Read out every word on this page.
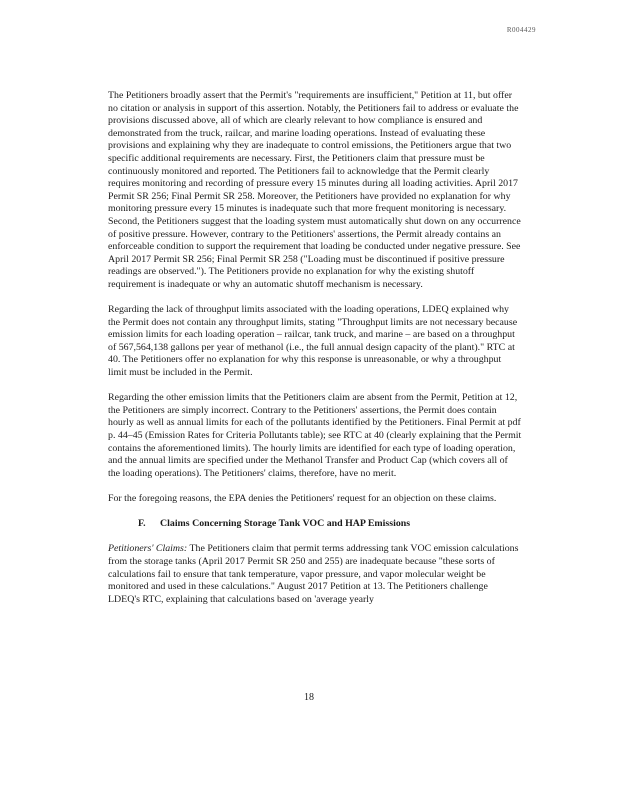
R004429

The Petitioners broadly assert that the Permit's "requirements are insufficient," Petition at 11, but offer no citation or analysis in support of this assertion. Notably, the Petitioners fail to address or evaluate the provisions discussed above, all of which are clearly relevant to how compliance is ensured and demonstrated from the truck, railcar, and marine loading operations. Instead of evaluating these provisions and explaining why they are inadequate to control emissions, the Petitioners argue that two specific additional requirements are necessary. First, the Petitioners claim that pressure must be continuously monitored and reported. The Petitioners fail to acknowledge that the Permit clearly requires monitoring and recording of pressure every 15 minutes during all loading activities. April 2017 Permit SR 256; Final Permit SR 258. Moreover, the Petitioners have provided no explanation for why monitoring pressure every 15 minutes is inadequate such that more frequent monitoring is necessary. Second, the Petitioners suggest that the loading system must automatically shut down on any occurrence of positive pressure. However, contrary to the Petitioners' assertions, the Permit already contains an enforceable condition to support the requirement that loading be conducted under negative pressure. See April 2017 Permit SR 256; Final Permit SR 258 ("Loading must be discontinued if positive pressure readings are observed."). The Petitioners provide no explanation for why the existing shutoff requirement is inadequate or why an automatic shutoff mechanism is necessary.

Regarding the lack of throughput limits associated with the loading operations, LDEQ explained why the Permit does not contain any throughput limits, stating "Throughput limits are not necessary because emission limits for each loading operation – railcar, tank truck, and marine – are based on a throughput of 567,564,138 gallons per year of methanol (i.e., the full annual design capacity of the plant)." RTC at 40. The Petitioners offer no explanation for why this response is unreasonable, or why a throughput limit must be included in the Permit.

Regarding the other emission limits that the Petitioners claim are absent from the Permit, Petition at 12, the Petitioners are simply incorrect. Contrary to the Petitioners' assertions, the Permit does contain hourly as well as annual limits for each of the pollutants identified by the Petitioners. Final Permit at pdf p. 44–45 (Emission Rates for Criteria Pollutants table); see RTC at 40 (clearly explaining that the Permit contains the aforementioned limits). The hourly limits are identified for each type of loading operation, and the annual limits are specified under the Methanol Transfer and Product Cap (which covers all of the loading operations). The Petitioners' claims, therefore, have no merit.

For the foregoing reasons, the EPA denies the Petitioners' request for an objection on these claims.

F. Claims Concerning Storage Tank VOC and HAP Emissions

Petitioners' Claims: The Petitioners claim that permit terms addressing tank VOC emission calculations from the storage tanks (April 2017 Permit SR 250 and 255) are inadequate because "these sorts of calculations fail to ensure that tank temperature, vapor pressure, and vapor molecular weight be monitored and used in these calculations." August 2017 Petition at 13. The Petitioners challenge LDEQ's RTC, explaining that calculations based on 'average yearly

18
